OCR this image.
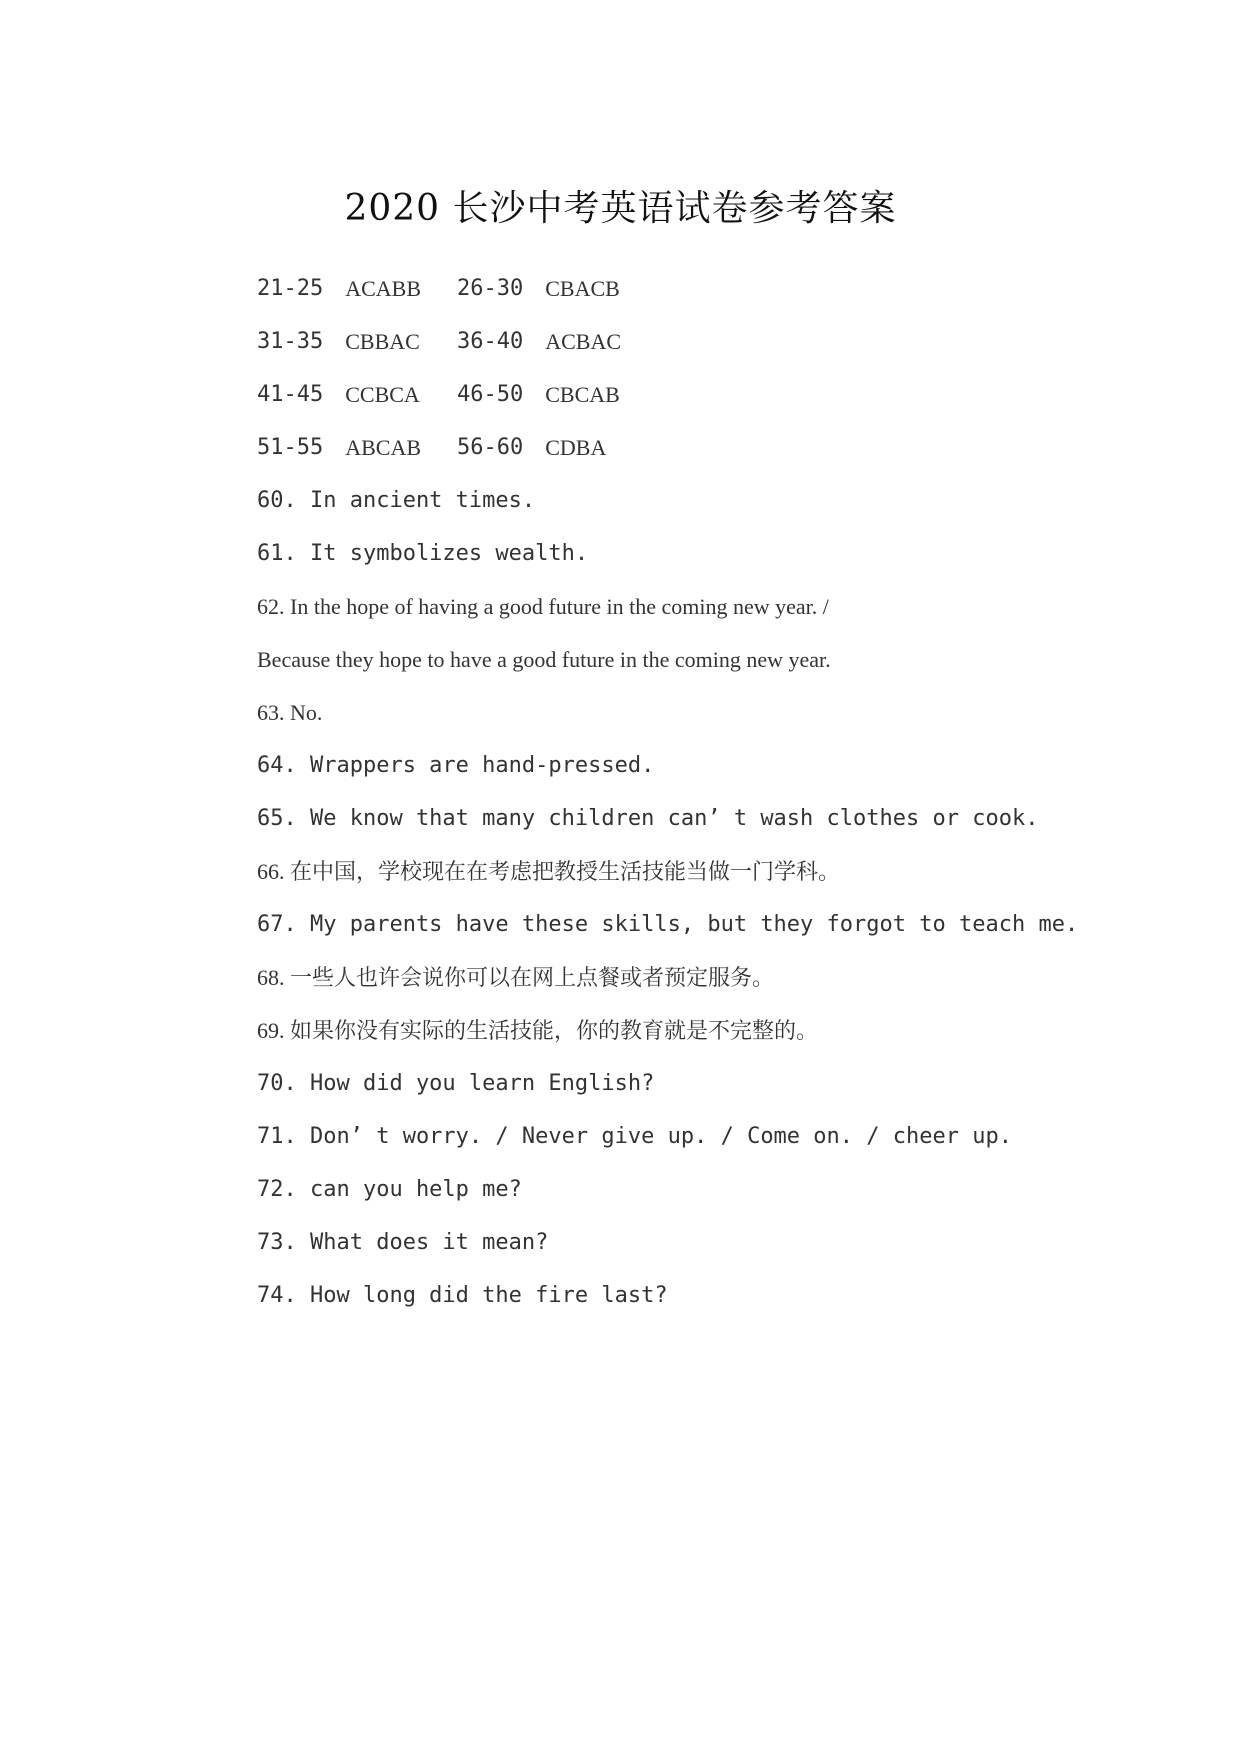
2020 长沙中考英语试卷参考答案
21-25 ACABB 26-30 CBACB
31-35 CBBAC 36-40 ACBAC
41-45 CCBCA 46-50 CBCAB
51-55 ABCAB 56-60 CDBA
60. In ancient times.
61. It symbolizes wealth.
62. In the hope of having a good future in the coming new year. /
Because they hope to have a good future in the coming new year.
63. No.
64. Wrappers are hand-pressed.
65. We know that many children can’ t wash clothes or cook.
66. 在中国，学校现在在考虑把教授生活技能当做一门学科。
67. My parents have these skills, but they forgot to teach me.
68. 一些人也许会说你可以在网上点餐或者预定服务。
69. 如果你没有实际的生活技能，你的教育就是不完整的。
70. How did you learn English?
71. Don’ t worry. / Never give up. / Come on. / cheer up.
72. can you help me?
73. What does it mean?
74. How long did the fire last?
